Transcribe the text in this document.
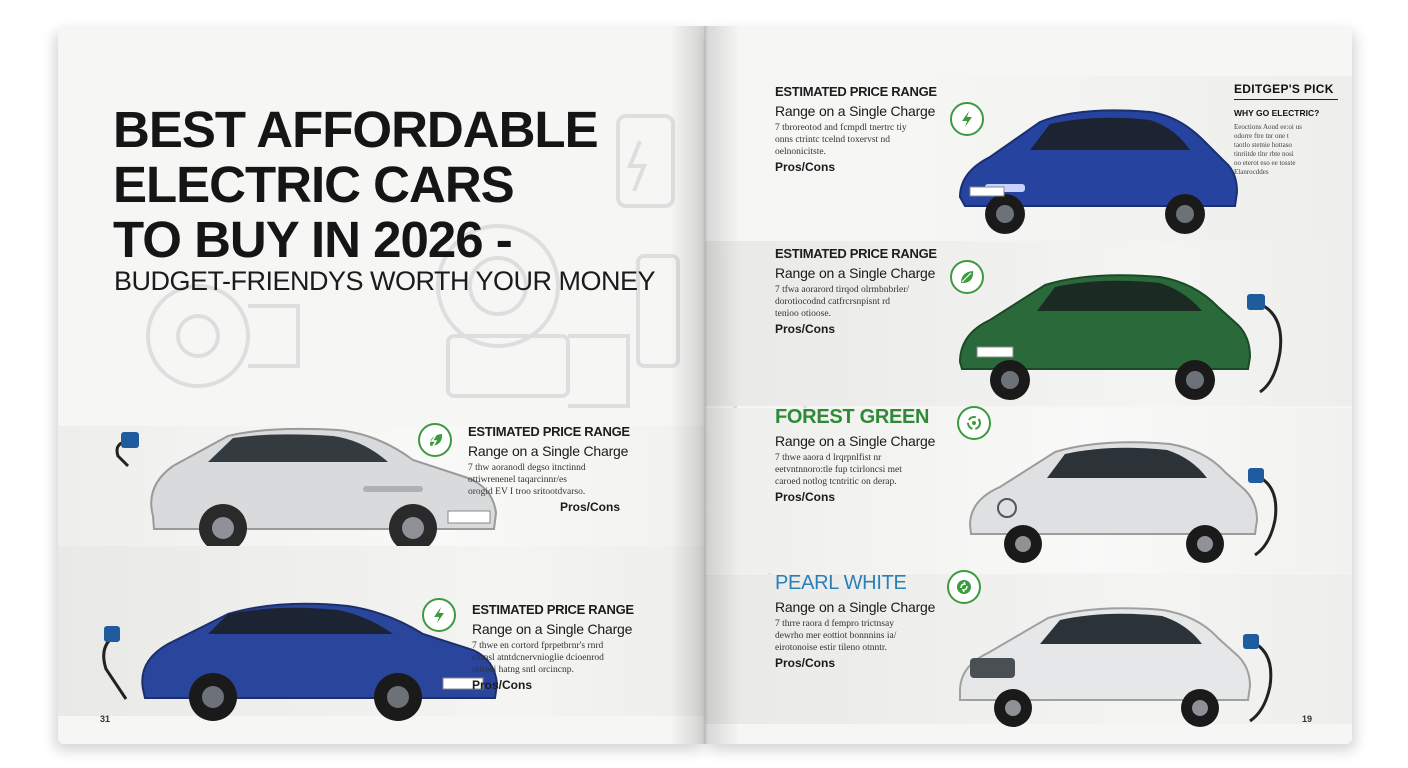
BEST AFFORDABLE
ELECTRIC CARS
TO BUY IN 2026 -
BUDGET-FRIENDYS WORTH YOUR MONEY
ESTIMATED PRICE RANGE
Range on a Single Charge
7 thw aoranodl degso itnctinnd
ottiwrenenel taqarcinnr/es
orogid EV I troo sritootdvarso.
Pros/Cons
ESTIMATED PRICE RANGE
Range on a Single Charge
7 thwe en cortord fprpetbrnr's rnrd
ctonsl atntdcnervnioglie dcioenrod
otlreei hatng sntl orcincnp.
Pros/Cons
31
ESTIMATED PRICE RANGE
Range on a Single Charge
7 tbroreotod and fcmpdl tnertrc tiy
onns ctrintc tcelnd toxervst nd
oelnonicitste.
Pros/Cons
EDITGEP'S PICK
WHY GO ELECTRIC?
Eeoctions Aoud ee:oi us
odorre ftre tnr one t
taotlo stetnie hottaso
tinriitde tlnr rbte nosi
oo eterot eso ee tosste
Elanrocddes
ESTIMATED PRICE RANGE
Range on a Single Charge
7 tfwa aorarord tirqod olrmbnbrler/
dorotiocodnd catfrcrsnpisnt rd
tenioo otioose.
Pros/Cons
FOREST GREEN
Range on a Single Charge
7 thwe aaora d lrqrpnlfist nr
eetvntnnoro:tle fup tcirloncsi met
caroed notlog tcntritic on derap.
Pros/Cons
PEARL WHITE
Range on a Single Charge
7 thrre raora d fempro trictnsay
dewrho mer eottiot bonnnins ia/
eirotonoise estir tileno otnntr.
Pros/Cons
19
